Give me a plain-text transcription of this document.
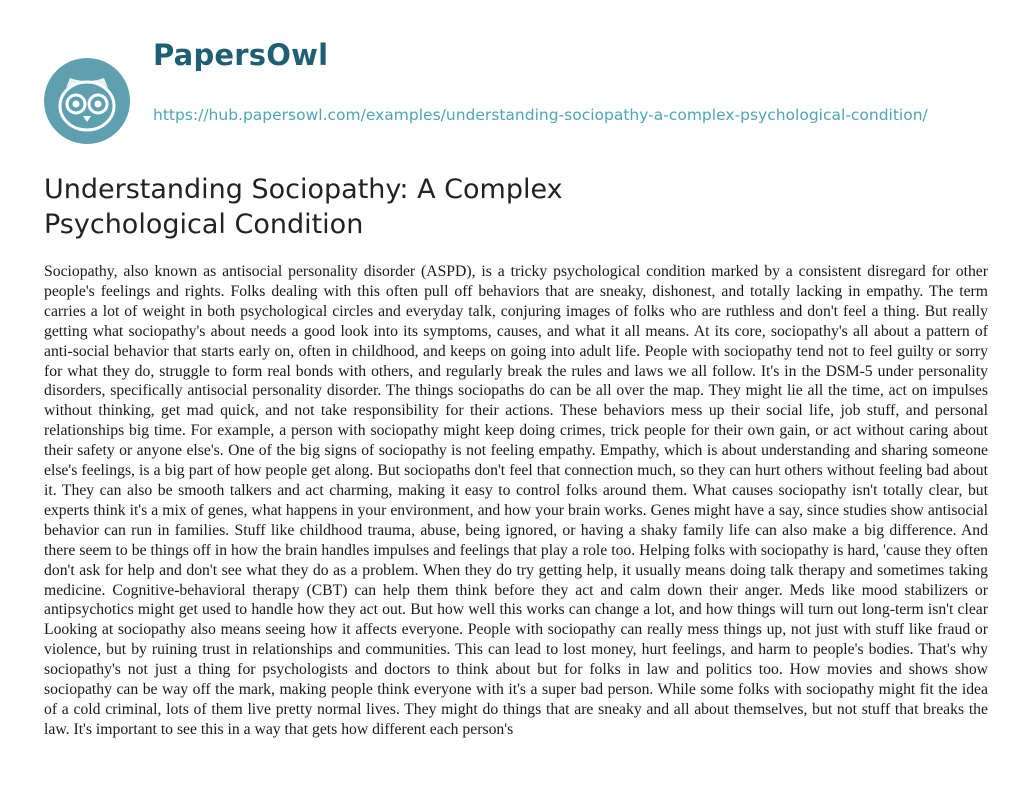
PapersOwl
https://hub.papersowl.com/examples/understanding-sociopathy-a-complex-psychological-condition/
Understanding Sociopathy: A Complex Psychological Condition

Sociopathy, also known as antisocial personality disorder (ASPD), is a tricky psychological condition marked by a consistent disregard for other people's feelings and rights. Folks dealing with this often pull off behaviors that are sneaky, dishonest, and totally lacking in empathy. The term carries a lot of weight in both psychological circles and everyday talk, conjuring images of folks who are ruthless and don't feel a thing. But really getting what sociopathy's about needs a good look into its symptoms, causes, and what it all means. At its core, sociopathy's all about a pattern of anti-social behavior that starts early on, often in childhood, and keeps on going into adult life. People with sociopathy tend not to feel guilty or sorry for what they do, struggle to form real bonds with others, and regularly break the rules and laws we all follow. It's in the DSM-5 under personality disorders, specifically antisocial personality disorder. The things sociopaths do can be all over the map. They might lie all the time, act on impulses without thinking, get mad quick, and not take responsibility for their actions. These behaviors mess up their social life, job stuff, and personal relationships big time. For example, a person with sociopathy might keep doing crimes, trick people for their own gain, or act without caring about their safety or anyone else's. One of the big signs of sociopathy is not feeling empathy. Empathy, which is about understanding and sharing someone else's feelings, is a big part of how people get along. But sociopaths don't feel that connection much, so they can hurt others without feeling bad about it. They can also be smooth talkers and act charming, making it easy to control folks around them. What causes sociopathy isn't totally clear, but experts think it's a mix of genes, what happens in your environment, and how your brain works. Genes might have a say, since studies show antisocial behavior can run in families. Stuff like childhood trauma, abuse, being ignored, or having a shaky family life can also make a big difference. And there seem to be things off in how the brain handles impulses and feelings that play a role too. Helping folks with sociopathy is hard, 'cause they often don't ask for help and don't see what they do as a problem. When they do try getting help, it usually means doing talk therapy and sometimes taking medicine. Cognitive-behavioral therapy (CBT) can help them think before they act and calm down their anger. Meds like mood stabilizers or antipsychotics might get used to handle how they act out. But how well this works can change a lot, and how things will turn out long-term isn't clear Looking at sociopathy also means seeing how it affects everyone. People with sociopathy can really mess things up, not just with stuff like fraud or violence, but by ruining trust in relationships and communities. This can lead to lost money, hurt feelings, and harm to people's bodies. That's why sociopathy's not just a thing for psychologists and doctors to think about but for folks in law and politics too. How movies and shows show sociopathy can be way off the mark, making people think everyone with it's a super bad person. While some folks with sociopathy might fit the idea of a cold criminal, lots of them live pretty normal lives. They might do things that are sneaky and all about themselves, but not stuff that breaks the law. It's important to see this in a way that gets how different each person's
